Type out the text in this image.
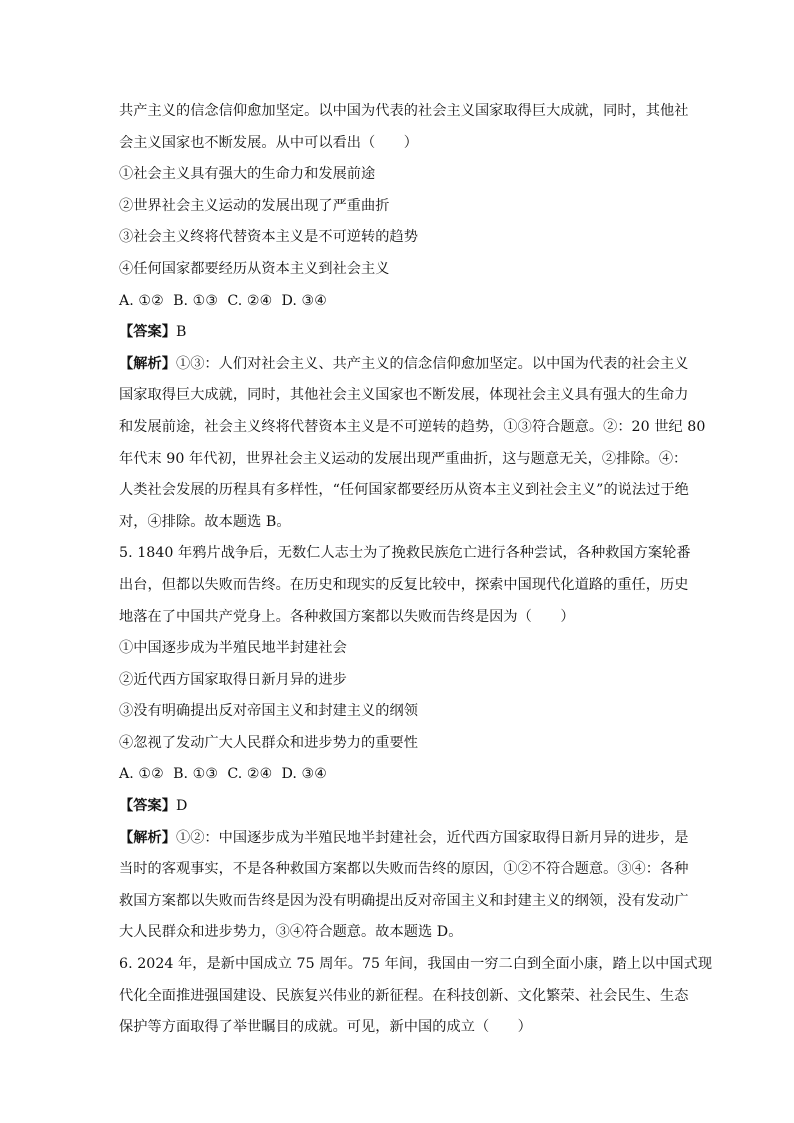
共产主义的信念信仰愈加坚定。以中国为代表的社会主义国家取得巨大成就，同时，其他社
会主义国家也不断发展。从中可以看出（　　）
①社会主义具有强大的生命力和发展前途
②世界社会主义运动的发展出现了严重曲折
③社会主义终将代替资本主义是不可逆转的趋势
④任何国家都要经历从资本主义到社会主义
A. ①②  B. ①③  C. ②④  D. ③④
【答案】B
【解析】①③：人们对社会主义、共产主义的信念信仰愈加坚定。以中国为代表的社会主义
国家取得巨大成就，同时，其他社会主义国家也不断发展，体现社会主义具有强大的生命力
和发展前途，社会主义终将代替资本主义是不可逆转的趋势，①③符合题意。②：20 世纪 80
年代末 90 年代初，世界社会主义运动的发展出现严重曲折，这与题意无关，②排除。④：
人类社会发展的历程具有多样性，“任何国家都要经历从资本主义到社会主义”的说法过于绝
对，④排除。故本题选 B。
5. 1840 年鸦片战争后，无数仁人志士为了挽救民族危亡进行各种尝试，各种救国方案轮番
出台，但都以失败而告终。在历史和现实的反复比较中，探索中国现代化道路的重任，历史
地落在了中国共产党身上。各种救国方案都以失败而告终是因为（　　）
①中国逐步成为半殖民地半封建社会
②近代西方国家取得日新月异的进步
③没有明确提出反对帝国主义和封建主义的纲领
④忽视了发动广大人民群众和进步势力的重要性
A. ①②  B. ①③  C. ②④  D. ③④
【答案】D
【解析】①②：中国逐步成为半殖民地半封建社会，近代西方国家取得日新月异的进步，是
当时的客观事实，不是各种救国方案都以失败而告终的原因，①②不符合题意。③④：各种
救国方案都以失败而告终是因为没有明确提出反对帝国主义和封建主义的纲领，没有发动广
大人民群众和进步势力，③④符合题意。故本题选 D。
6. 2024 年，是新中国成立 75 周年。75 年间，我国由一穷二白到全面小康，踏上以中国式现
代化全面推进强国建设、民族复兴伟业的新征程。在科技创新、文化繁荣、社会民生、生态
保护等方面取得了举世瞩目的成就。可见，新中国的成立（　　）
